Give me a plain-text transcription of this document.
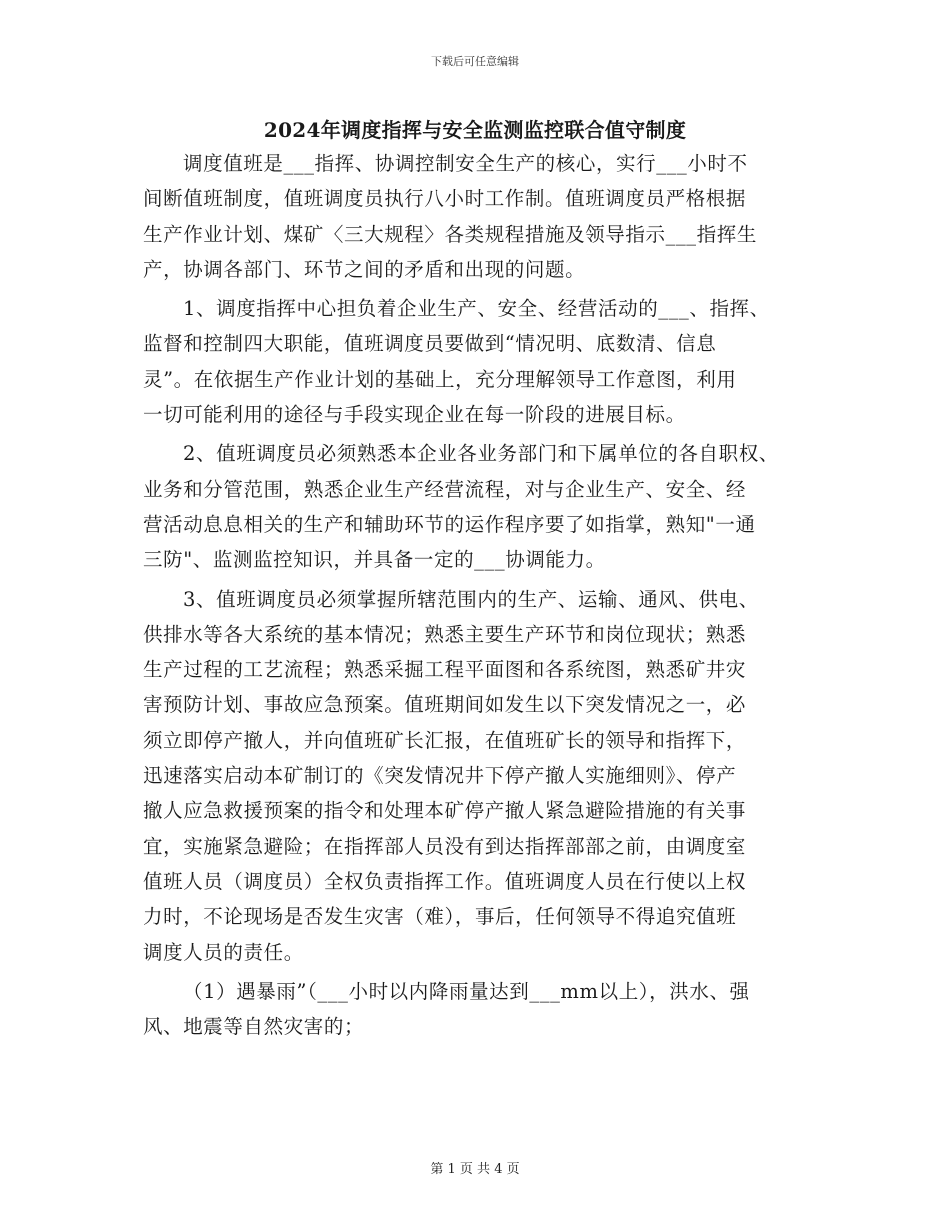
下载后可任意编辑
2024年调度指挥与安全监测监控联合值守制度
调度值班是___指挥、协调控制安全生产的核心，实行___小时不
间断值班制度，值班调度员执行八小时工作制。值班调度员严格根据
生产作业计划、煤矿〈三大规程〉各类规程措施及领导指示___指挥生
产，协调各部门、环节之间的矛盾和出现的问题。
1、调度指挥中心担负着企业生产、安全、经营活动的___、指挥、
监督和控制四大职能，值班调度员要做到“情况明、底数清、信息
灵”。在依据生产作业计划的基础上，充分理解领导工作意图，利用
一切可能利用的途径与手段实现企业在每一阶段的进展目标。
2、值班调度员必须熟悉本企业各业务部门和下属单位的各自职权、
业务和分管范围，熟悉企业生产经营流程，对与企业生产、安全、经
营活动息息相关的生产和辅助环节的运作程序要了如指掌，熟知"一通
三防"、监测监控知识，并具备一定的___协调能力。
3、值班调度员必须掌握所辖范围内的生产、运输、通风、供电、
供排水等各大系统的基本情况；熟悉主要生产环节和岗位现状；熟悉
生产过程的工艺流程；熟悉采掘工程平面图和各系统图，熟悉矿井灾
害预防计划、事故应急预案。值班期间如发生以下突发情况之一，必
须立即停产撤人，并向值班矿长汇报，在值班矿长的领导和指挥下，
迅速落实启动本矿制订的《突发情况井下停产撤人实施细则》、停产
撤人应急救援预案的指令和处理本矿停产撤人紧急避险措施的有关事
宜，实施紧急避险；在指挥部人员没有到达指挥部部之前，由调度室
值班人员（调度员）全权负责指挥工作。值班调度人员在行使以上权
力时，不论现场是否发生灾害（难），事后，任何领导不得追究值班
调度人员的责任。
（1）遇暴雨”（___小时以内降雨量达到___mm以上），洪水、强
风、地震等自然灾害的；
第 1 页 共 4 页
